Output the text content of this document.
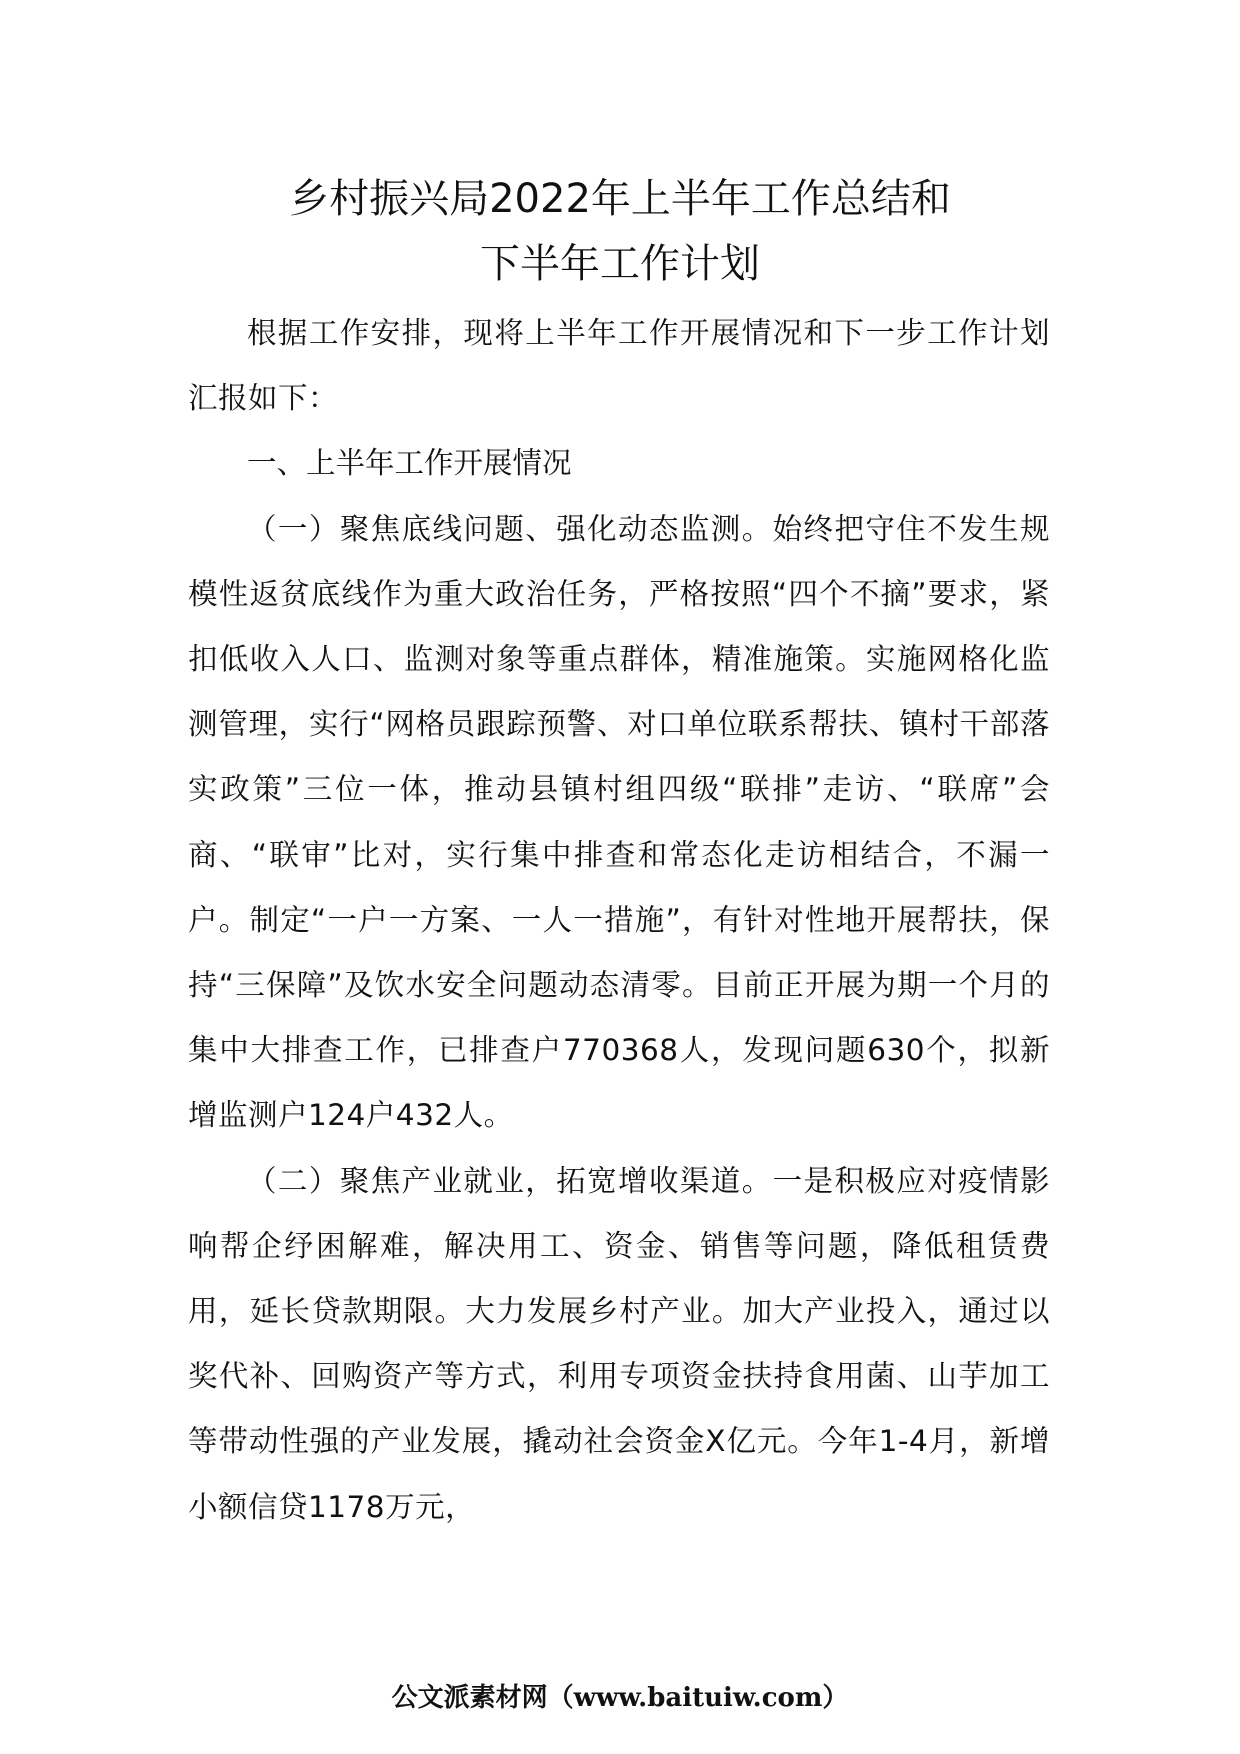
乡村振兴局2022年上半年工作总结和
下半年工作计划

根据工作安排，现将上半年工作开展情况和下一步工作计划汇报如下：

一、上半年工作开展情况

（一）聚焦底线问题、强化动态监测。始终把守住不发生规模性返贫底线作为重大政治任务，严格按照“四个不摘”要求，紧扣低收入人口、监测对象等重点群体，精准施策。实施网格化监测管理，实行“网格员跟踪预警、对口单位联系帮扶、镇村干部落实政策”三位一体，推动县镇村组四级“联排”走访、“联席”会商、“联审”比对，实行集中排查和常态化走访相结合，不漏一户。制定“一户一方案、一人一措施”，有针对性地开展帮扶，保持“三保障”及饮水安全问题动态清零。目前正开展为期一个月的集中大排查工作，已排查户770368人，发现问题630个，拟新增监测户124户432人。

（二）聚焦产业就业，拓宽增收渠道。一是积极应对疫情影响帮企纾困解难，解决用工、资金、销售等问题，降低租赁费用，延长贷款期限。大力发展乡村产业。加大产业投入，通过以奖代补、回购资产等方式，利用专项资金扶持食用菌、山芋加工等带动性强的产业发展，撬动社会资金X亿元。今年1-4月，新增小额信贷1178万元，

公文派素材网（www.baituiw.com）
